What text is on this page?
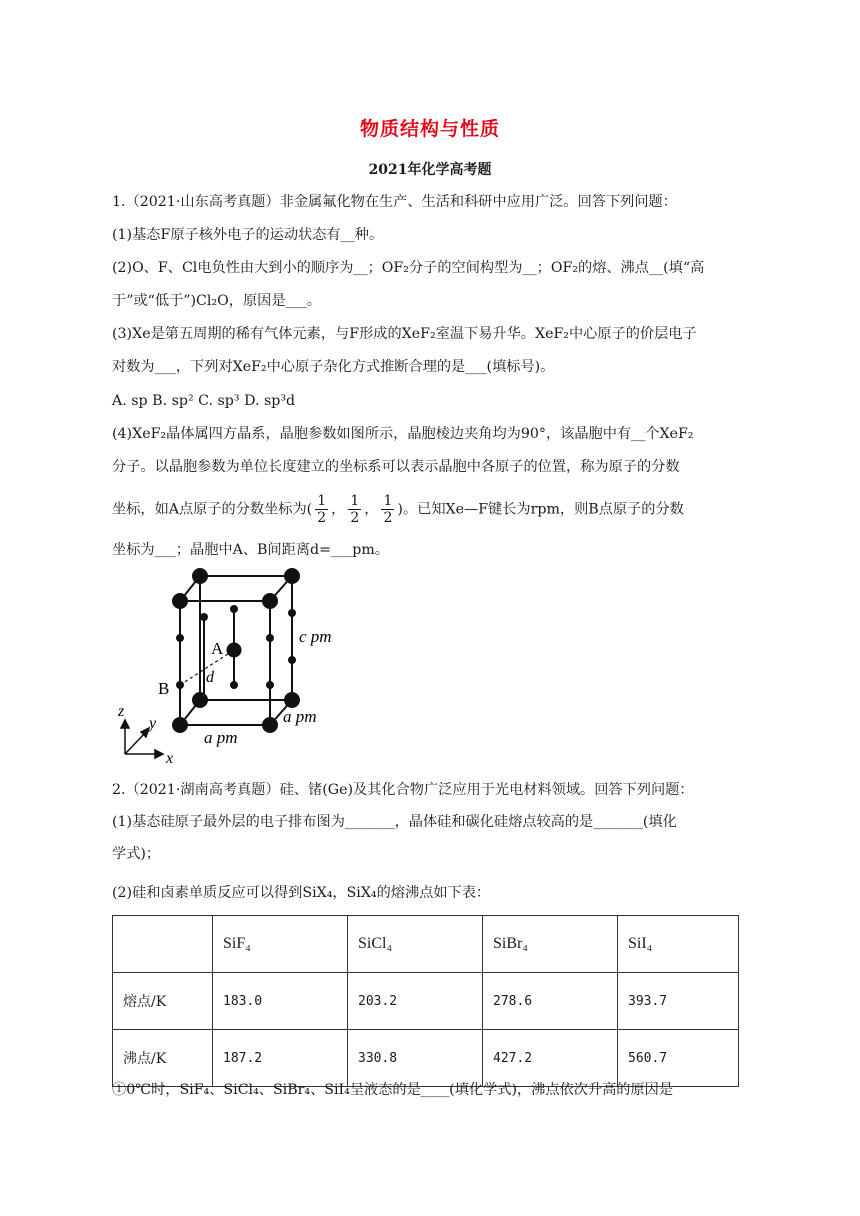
物质结构与性质
2021年化学高考题
1.（2021·山东高考真题）非金属氟化物在生产、生活和科研中应用广泛。回答下列问题：
(1)基态F原子核外电子的运动状态有__种。
(2)O、F、Cl电负性由大到小的顺序为__；OF₂分子的空间构型为__；OF₂的熔、沸点__(填“高
于”或“低于”)Cl₂O，原因是___。
(3)Xe是第五周期的稀有气体元素，与F形成的XeF₂室温下易升华。XeF₂中心原子的价层电子
对数为___，下列对XeF₂中心原子杂化方式推断合理的是___(填标号)。
A. sp B. sp² C. sp³ D. sp³d
(4)XeF₂晶体属四方晶系，晶胞参数如图所示，晶胞棱边夹角均为90°，该晶胞中有__个XeF₂
分子。以晶胞参数为单位长度建立的坐标系可以表示晶胞中各原子的位置，称为原子的分数
坐标，如A点原子的分数坐标为( $\frac{1}{2}$ ， $\frac{1}{2}$ ， $\frac{1}{2}$ )。已知Xe—F键长为rpm，则B点原子的分数
坐标为___；晶胞中A、B间距离d=___pm。
A
B
d
c pm
a pm
a pm
z
y
x
2.（2021·湖南高考真题）硅、锗(Ge)及其化合物广泛应用于光电材料领域。回答下列问题：
(1)基态硅原子最外层的电子排布图为_______，晶体硅和碳化硅熔点较高的是_______(填化
学式)；
(2)硅和卤素单质反应可以得到SiX₄，SiX₄的熔沸点如下表：
	SiF₄	SiCl₄	SiBr₄	SiI₄
熔点/K	183.0	203.2	278.6	393.7
沸点/K	187.2	330.8	427.2	560.7
①0℃时，SiF₄、SiCl₄、SiBr₄、SiI₄呈液态的是____(填化学式)，沸点依次升高的原因是
